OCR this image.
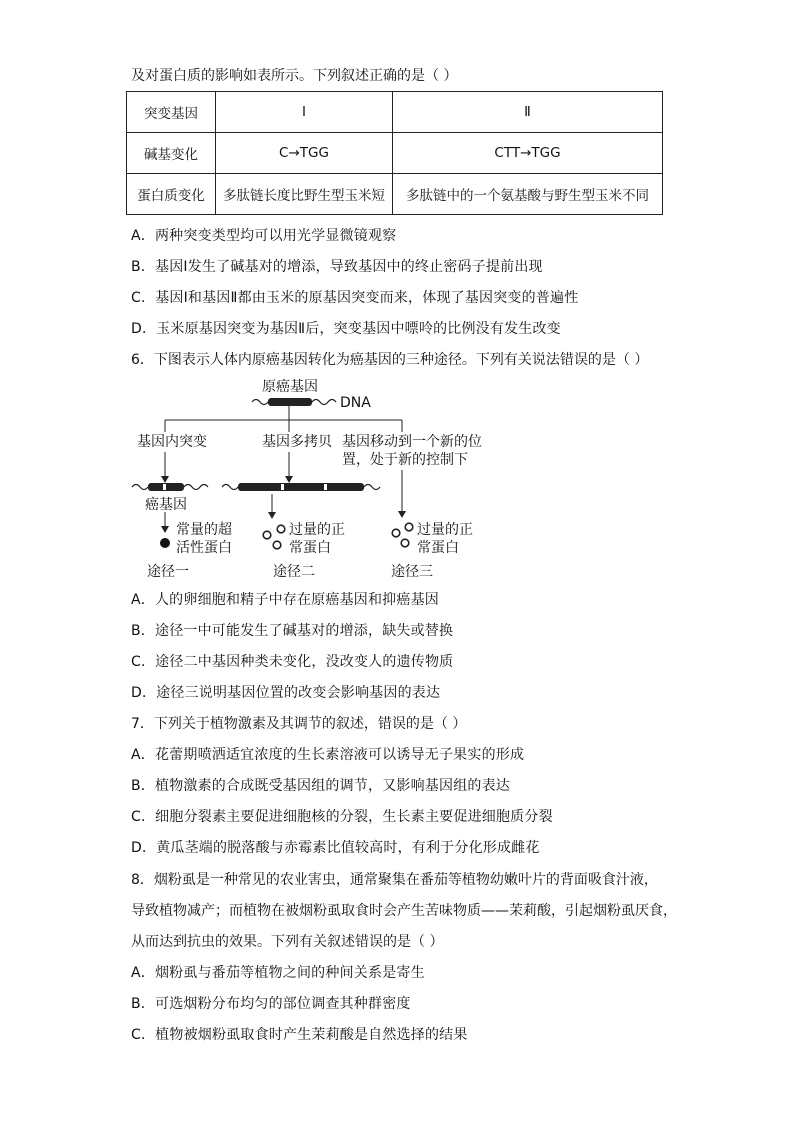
及对蛋白质的影响如表所示。下列叙述正确的是（ ）
突变基因	Ⅰ	Ⅱ
碱基变化	C→TGG	CTT→TGG
蛋白质变化	多肽链长度比野生型玉米短	多肽链中的一个氨基酸与野生型玉米不同
A．两种突变类型均可以用光学显微镜观察
B．基因Ⅰ发生了碱基对的增添，导致基因中的终止密码子提前出现
C．基因Ⅰ和基因Ⅱ都由玉米的原基因突变而来，体现了基因突变的普遍性
D．玉米原基因突变为基因Ⅱ后，突变基因中嘌呤的比例没有发生改变
6．下图表示人体内原癌基因转化为癌基因的三种途径。下列有关说法错误的是（ ）
原癌基因
DNA
基因内突变	基因多拷贝 基因移动到一个新的位
置，处于新的控制下
癌基因
常量的超
活性蛋白
过量的正
常蛋白
过量的正
常蛋白
途径一	途径二	途径三
A．人的卵细胞和精子中存在原癌基因和抑癌基因
B．途径一中可能发生了碱基对的增添，缺失或替换
C．途径二中基因种类未变化，没改变人的遗传物质
D．途径三说明基因位置的改变会影响基因的表达
7．下列关于植物激素及其调节的叙述，错误的是（ ）
A．花蕾期喷洒适宜浓度的生长素溶液可以诱导无子果实的形成
B．植物激素的合成既受基因组的调节，又影响基因组的表达
C．细胞分裂素主要促进细胞核的分裂，生长素主要促进细胞质分裂
D．黄瓜茎端的脱落酸与赤霉素比值较高时，有利于分化形成雌花
8．烟粉虱是一种常见的农业害虫，通常聚集在番茄等植物幼嫩叶片的背面吸食汁液，
导致植物减产；而植物在被烟粉虱取食时会产生苦味物质——茉莉酸，引起烟粉虱厌食，
从而达到抗虫的效果。下列有关叙述错误的是（ ）
A．烟粉虱与番茄等植物之间的种间关系是寄生
B．可选烟粉分布均匀的部位调查其种群密度
C．植物被烟粉虱取食时产生茉莉酸是自然选择的结果
